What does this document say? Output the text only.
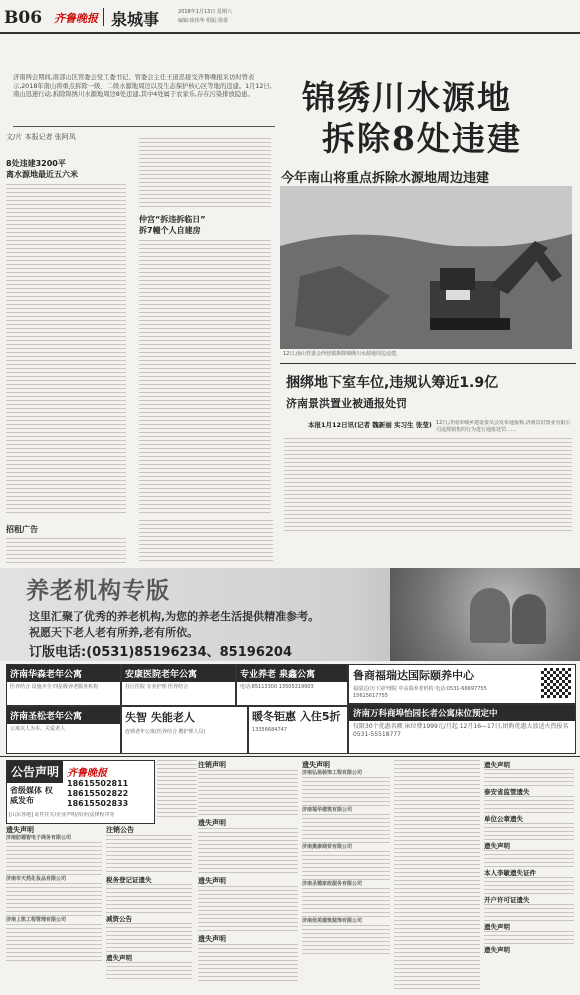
B06 齐鲁晚报 泉城事	2018年1月13日 星期六
编辑:徐伟华 组版:徐常
济南两会期间,南部山区管委会党工委书记、管委会主任王道忠接受齐鲁晚报采访时曾表示,2018年南山将重点拆除一级、二级水源地周边以及生态保护核心区等地的违建。1月12日,南山迅速行动,拆除锦绣川水源地周边8处违建,其中4处属于农家乐,存在污染排放隐患。	锦绣川水源地
拆除8处违建
今年南山将重点拆除水源地周边违建
文/片 本报记者 张阿凤
8处违建3200平
离水源地最近五六米
招租广告
仲宫“拆违拆临日”
拆7幢个人自建房
12日,南山管委会西营镇拆除锦绣川水源地周边违建。
捆绑地下室车位,违规认筹近1.9亿
济南景洪置业被通报处罚
本报1月12日讯(记者 魏新丽 实习生 张莹) 12日,济南市城乡建设委员会发布通报称,济南景洪置业有限公司违规销售的行为进行通报处罚……
养老机构专版
这里汇聚了优秀的养老机构,为您的养老生活提供精准参考。
祝愿天下老人老有所养,老有所依。
订版电话:(0531)85196234、85196204
济南华森老年公寓
医养结合 设施齐全 四星级养老服务机构
安康医院老年公寓
社区医院 专业护理 医养结合
专业养老 泉鑫公寓
电话:85113300 13505319903
鲁商福瑞达国际颐养中心
福瑞达(历下)护理院 中高端养老机构 电话:0531-66697755 15615617755
济南圣松老年公寓
公寓以人为本、关爱老人
失智 失能老人
连锁老年公寓(医养结合 聘护理人员)
暖冬钜惠 入住5折
13356684747
济南万科商埠怡园长者公寓床位预定中
仅限30个优惠名额 床位费1999元/月起 12月16—17日,团购优惠大放送火热报名 0531-55518777
公告声明 齐鲁晚报
省级媒体 权威发布
18615502811
18615502822
18615502833
[山东各地] 证件挂失/企业声明/拍卖/法律程序等
遗失声明
济南肪德智电子商务有限公司
济南市天然化妆品有限公司
济南上凯工程管理有限公司
注销公告
税务登记证遗失
减资公告
遗失声明
注销声明
遗失声明
遗失声明
遗失声明
遗失声明
济南弘扬装饰工程有限公司
济南福华建筑有限公司
济南奥康商贸有限公司
济南圣德家政服务有限公司
济南佳美建筑装饰有限公司
遗失声明
泰安省监管遗失
单位公章遗失
遗失声明
本人李敏遗失证件
开户许可证遗失
遗失声明
遗失声明
